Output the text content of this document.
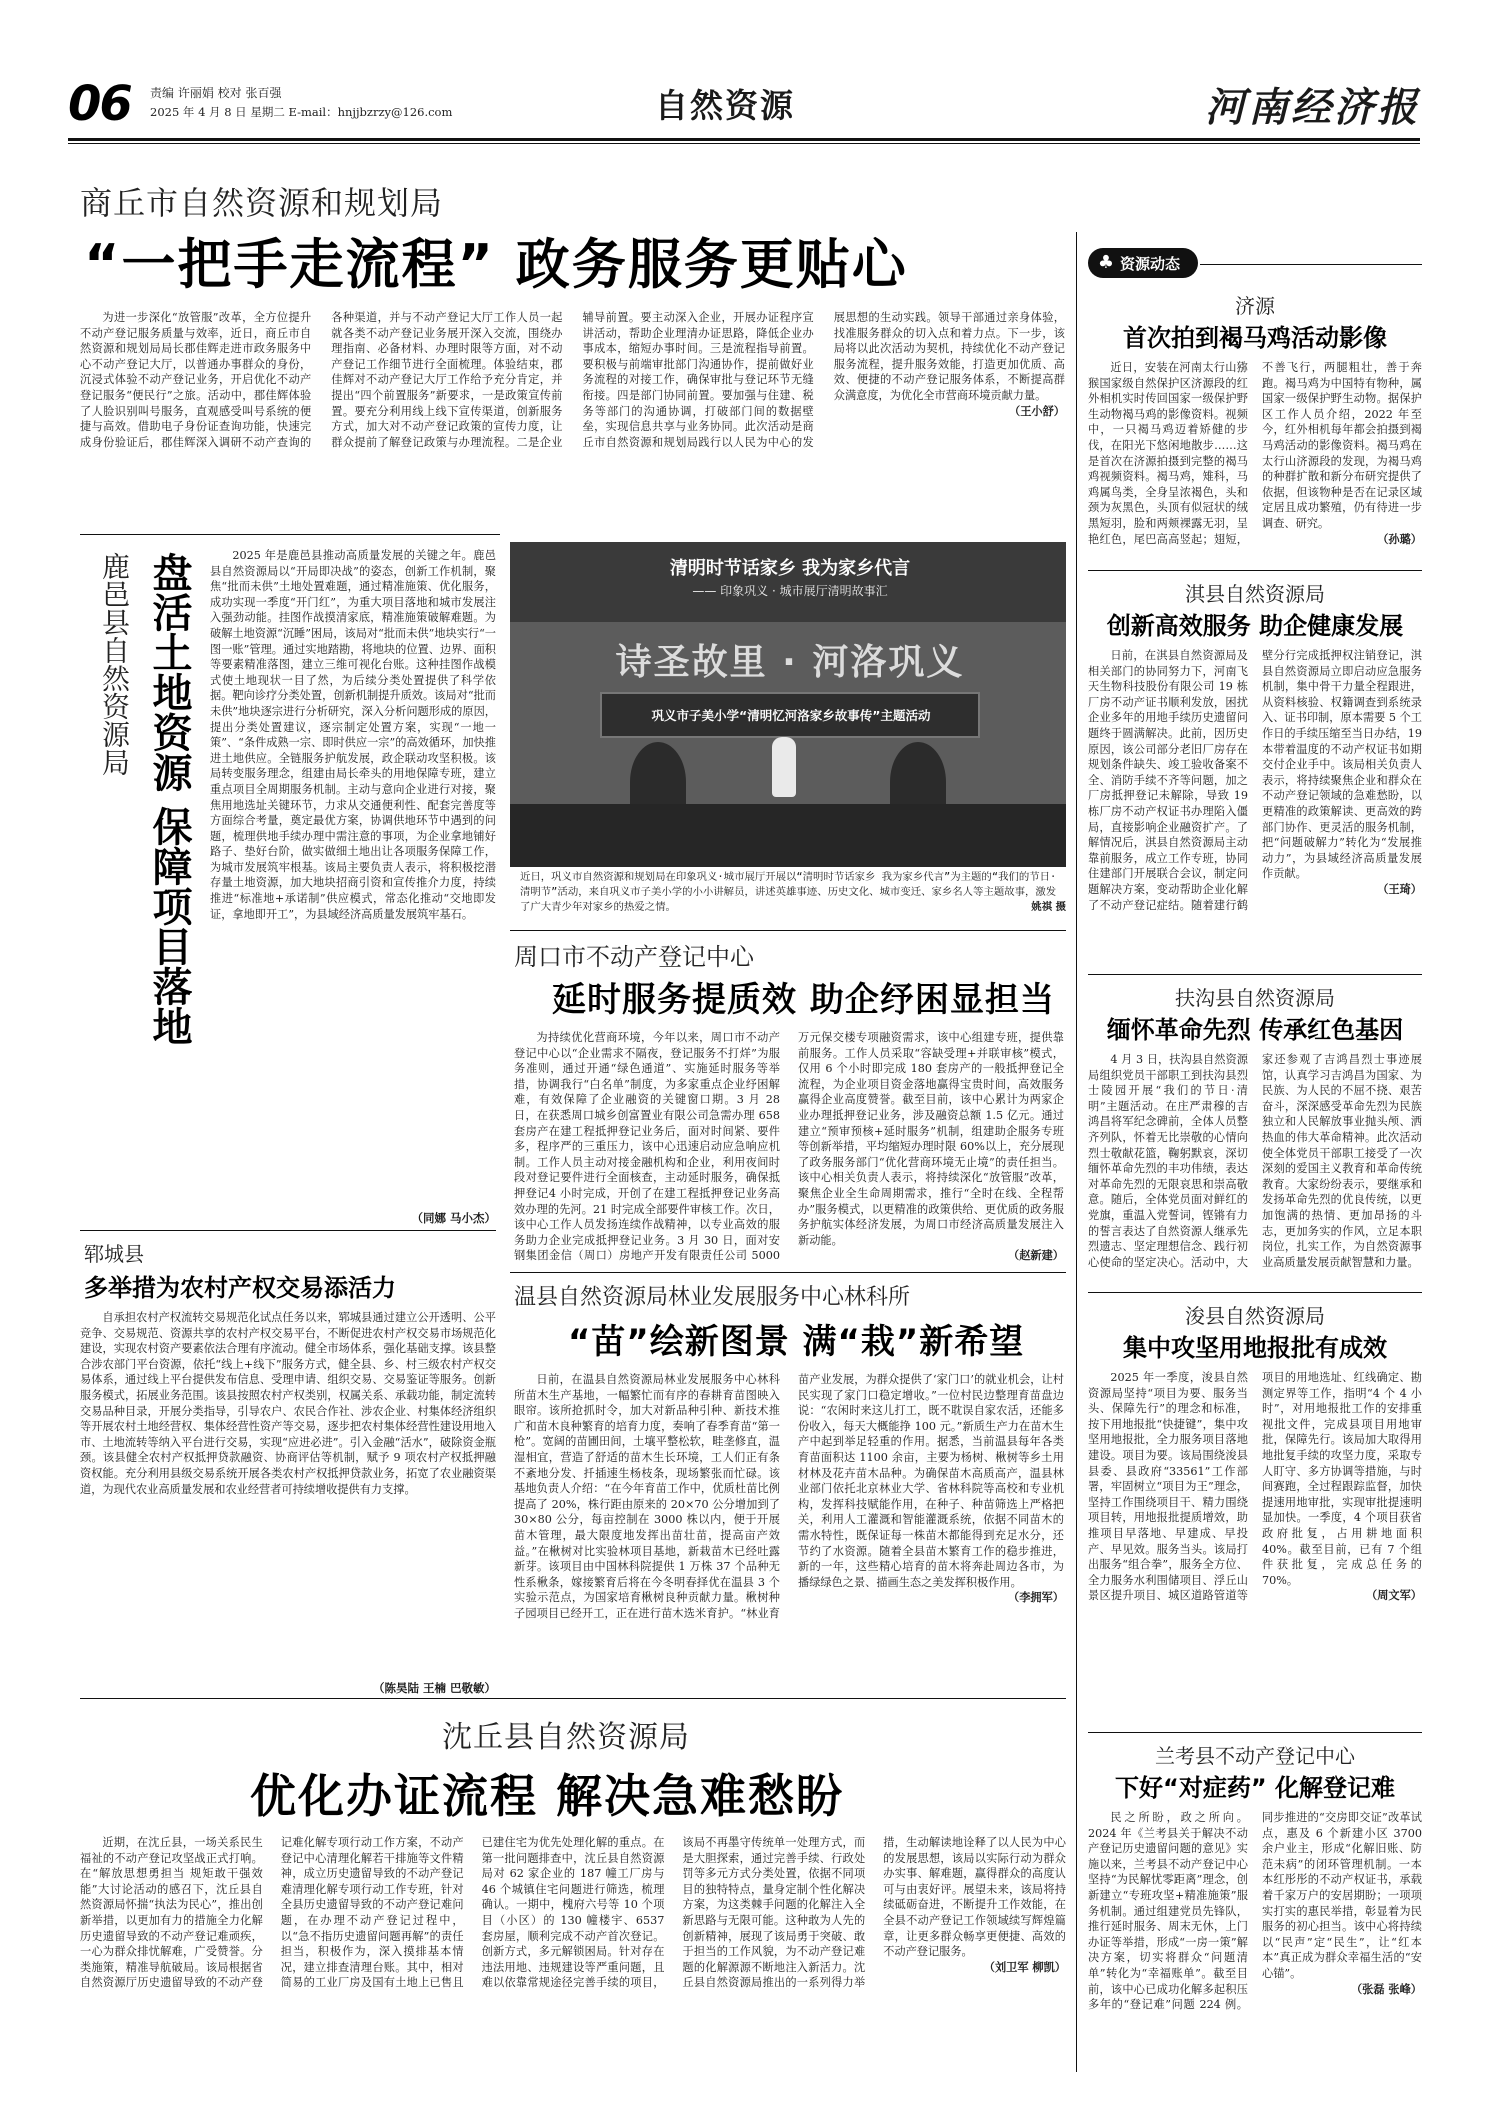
06	责编 许丽娟 校对 张百强
2025 年 4 月 8 日 星期二 E-mail：hnjjbzrzy@126.com	自然资源	河南经济报
商丘市自然资源和规划局
“一把手走流程” 政务服务更贴心

为进一步深化“放管服”改革，全方位提升不动产登记服务质量与效率，近日，商丘市自然资源和规划局局长郡佳辉走进市政务服务中心不动产登记大厅，以普通办事群众的身份，沉浸式体验不动产登记业务，开启优化不动产登记服务“便民行”之旅。活动中，郡佳辉体验了人脸识别叫号服务，直观感受叫号系统的便捷与高效。借助电子身份证查询功能，快速完成身份验证后，郡佳辉深入调研不动产查询的各种渠道，并与不动产登记大厅工作人员一起就各类不动产登记业务展开深入交流，围绕办理指南、必备材料、办理时限等方面，对不动产登记工作细节进行全面梳理。体验结束，郡佳辉对不动产登记大厅工作给予充分肯定，并提出“四个前置服务”新要求，一是政策宣传前置。要充分利用线上线下宣传渠道，创新服务方式，加大对不动产登记政策的宣传力度，让群众提前了解登记政策与办理流程。二是企业辅导前置。要主动深入企业，开展办证程序宣讲活动，帮助企业理清办证思路，降低企业办事成本，缩短办事时间。三是流程指导前置。要积极与前端审批部门沟通协作，提前做好业务流程的对接工作，确保审批与登记环节无缝衔接。四是部门协同前置。要加强与住建、税务等部门的沟通协调，打破部门间的数据壁垒，实现信息共享与业务协同。此次活动是商丘市自然资源和规划局践行以人民为中心的发展思想的生动实践。领导干部通过亲身体验，找准服务群众的切入点和着力点。下一步，该局将以此次活动为契机，持续优化不动产登记服务流程，提升服务效能，打造更加优质、高效、便捷的不动产登记服务体系，不断提高群众满意度，为优化全市营商环境贡献力量。

（王小舒）
鹿邑县自然资源局 盘活土地资源 保障项目落地	2025 年是鹿邑县推动高质量发展的关键之年。鹿邑县自然资源局以“开局即决战”的姿态，创新工作机制，聚焦“批而未供”土地处置难题，通过精准施策、优化服务，成功实现一季度“开门红”，为重大项目落地和城市发展注入强劲动能。挂图作战摸清家底，精准施策破解难题。为破解土地资源“沉睡”困局，该局对“批而未供”地块实行“一图一账”管理。通过实地踏勘，将地块的位置、边界、面积等要素精准落图，建立三维可视化台账。这种挂图作战模式使土地现状一目了然，为后续分类处置提供了科学依据。靶向诊疗分类处置，创新机制提升质效。该局对“批而未供”地块逐宗进行分析研究，深入分析问题形成的原因，提出分类处置建议，逐宗制定处置方案，实现“一地一策”、“条件成熟一宗、即时供应一宗”的高效循环，加快推进土地供应。全链服务护航发展，政企联动攻坚积极。该局转变服务理念，组建由局长牵头的用地保障专班，建立重点项目全周期服务机制。主动与意向企业进行对接，聚焦用地选址关键环节，力求从交通便利性、配套完善度等方面综合考量，奠定最优方案，协调供地环节中遇到的问题，梳理供地手续办理中需注意的事项，为企业拿地铺好路子、垫好台阶，做实做细土地出让各项服务保障工作，为城市发展筑牢根基。该局主要负责人表示，将积极挖潜存量土地资源，加大地块招商引资和宣传推介力度，持续推进“标准地+承诺制”供应模式，常态化推动“交地即发证，拿地即开工”，为县域经济高质量发展筑牢基石。

（同娜 马小杰）
清明时节话家乡 我为家乡代言
—— 印象巩义 · 城市展厅清明故事汇
诗圣故里 · 河洛巩义
巩义市子美小学“清明忆河洛家乡故事传”主题活动
近日，巩义市自然资源和规划局在印象巩义·城市展厅开展以“清明时节话家乡 我为家乡代言”为主题的“我们的节日·清明节”活动，来自巩义市子美小学的小小讲解员，讲述英雄事迹、历史文化、城市变迁、家乡名人等主题故事，激发了广大青少年对家乡的热爱之情。	姚祺 摄
周口市不动产登记中心
延时服务提质效 助企纾困显担当

为持续优化营商环境，今年以来，周口市不动产登记中心以“企业需求不隔夜，登记服务不打烊”为服务准则，通过开通“绿色通道”、实施延时服务等举措，协调我行“白名单”制度，为多家重点企业纾困解难，有效保障了企业融资的关键窗口期。3 月 28 日，在获悉周口城乡创富置业有限公司急需办理 658 套房产在建工程抵押登记业务后，面对时间紧、要件多，程序严的三重压力，该中心迅速启动应急响应机制。工作人员主动对接金融机构和企业，利用夜间时段对登记要件进行全面核查，主动延时服务，确保抵押登记4 小时完成，开创了在建工程抵押登记业务高效办理的先河。21 时完成全部要件审核工作。次日，该中心工作人员发扬连续作战精神，以专业高效的服务助力企业完成抵押登记业务。3 月 30 日，面对安钢集团金信（周口）房地产开发有限责任公司 5000 万元保交楼专项融资需求，该中心组建专班，提供靠前服务。工作人员采取“容缺受理+并联审核”模式，仅用 6 个小时即完成 180 套房产的一般抵押登记全流程，为企业项目资金落地赢得宝贵时间，高效服务赢得企业高度赞誉。截至目前，该中心累计为两家企业办理抵押登记业务，涉及融资总额 1.5 亿元。通过建立“预审预核+延时服务”机制，组建助企服务专班等创新举措，平均缩短办理时限 60%以上，充分展现了政务服务部门“优化营商环境无止境”的责任担当。该中心相关负责人表示，将持续深化“放管服”改革，聚焦企业全生命周期需求，推行“全时在线、全程帮办”服务模式，以更精准的政策供给、更优质的政务服务护航实体经济发展，为周口市经济高质量发展注入新动能。

（赵新建）
郓城县
多举措为农村产权交易添活力

自承担农村产权流转交易规范化试点任务以来，郓城县通过建立公开透明、公平竞争、交易规范、资源共享的农村产权交易平台，不断促进农村产权交易市场规范化建设，实现农村资产要素依法合理有序流动。健全市场体系，强化基础支撑。该县整合涉农部门平台资源，依托“线上+线下”服务方式，健全县、乡、村三级农村产权交易体系，通过线上平台提供发布信息、受理申请、组织交易、交易鉴证等服务。创新服务模式，拓展业务范围。该县按照农村产权类别，权属关系、承载功能，制定流转交易品种目录，开展分类指导，引导农户、农民合作社、涉农企业、村集体经济组织等开展农村土地经营权、集体经营性资产等交易，逐步把农村集体经营性建设用地入市、土地流转等纳入平台进行交易，实现“应进必进”。引入金融“活水”，破除资金瓶颈。该县健全农村产权抵押贷款融资、协商评估等机制，赋予 9 项农村产权抵押融资权能。充分利用县级交易系统开展各类农村产权抵押贷款业务，拓宽了农业融资渠道，为现代农业高质量发展和农业经营者可持续增收提供有力支撑。

（陈昊陆 王楠 巴敬敏）
温县自然资源局林业发展服务中心林科所
“苗”绘新图景 满“栽”新希望

日前，在温县自然资源局林业发展服务中心林科所苗木生产基地，一幅繁忙而有序的春耕育苗图映入眼帘。该所抢抓时令，加大对新品种引种、新技术推广和苗木良种繁育的培育力度，奏响了春季育苗“第一枪”。宽阔的苗圃田间，土壤平整松软，畦垄修直，温湿相宜，营造了舒适的苗木生长环境，工人们正有条不紊地分发、扦插速生杨枝条，现场繁张而忙碌。该基地负责人介绍：“在今年育苗工作中，优质杜苗比例提高了 20%，株行距由原来的 20×70 公分增加到了 30×80 公分，每亩控制在 3000 株以内，便于开展苗木管理，最大限度地发挥出苗壮苗，提高亩产效益。”在楸树对比实验林项目基地，新栽苗木已经吐露新芽。该项目由中国林科院提供 1 万株 37 个品种无性系楸条，嫁接繁育后将在今冬明春择优在温县 3 个实验示范点，为国家培育楸树良种贡献力量。楸树种子园项目已经开工，正在进行苗木选米育护。“林业育苗产业发展，为群众提供了‘家门口’的就业机会，让村民实现了家门口稳定增收。”一位村民边整理育苗盘边说：“农闲时来这儿打工，既不耽误自家农活，还能多份收入，每天大概能挣 100 元。”新质生产力在苗木生产中起到举足轻重的作用。据悉，当前温县每年各类育苗面积达 1100 余亩，主要为杨树、楸树等乡土用材林及花卉苗木品种。为确保苗木高质高产，温县林业部门依托北京林业大学、省林科院等高校和专业机构，发挥科技赋能作用，在种子、种苗筛选上严格把关，利用人工灌溉和智能灌溉系统，依据不同苗木的需水特性，既保证每一株苗木都能得到充足水分，还节约了水资源。随着全县苗木繁育工作的稳步推进，新的一年，这些精心培育的苗木将奔赴周边各市，为播绿绿色之景、描画生态之美发挥积极作用。

（李拥军）
沈丘县自然资源局
优化办证流程 解决急难愁盼

近期，在沈丘县，一场关系民生福祉的不动产登记攻坚战正式打响。在“解放思想勇担当 规矩敢干强效能”大讨论活动的感召下，沈丘县自然资源局怀揣“执法为民心”，推出创新举措，以更加有力的措施全力化解历史遗留导致的不动产登记难顽疾，一心为群众排忧解难，广受赞誉。分类施策，精准导航破局。该局根据省自然资源厅历史遗留导致的不动产登记难化解专项行动工作方案，不动产登记中心清理化解若干排施等文件精神，成立历史遗留导致的不动产登记难清理化解专项行动工作专班，针对全县历史遗留导致的不动产登记难问题，在办理不动产登记过程中，以“急不指历史遗留问题再解”的责任担当，积极作为，深入摸排基本情况，建立排查清理台账。其中，相对简易的工业厂房及国有土地上已售且已建住宅为优先处理化解的重点。在第一批问题排查中，沈丘县自然资源局对 62 家企业的 187 幢工厂房与 46 个城镇住宅问题进行筛选，梳理确认。一期中，槐府六号等 10 个项目（小区）的 130 幢楼宇、6537 套房屋，顺利完成不动产首次登记。创新方式，多元解锁困局。针对存在违法用地、违规建设等严重问题，且难以依靠常规途径完善手续的项目，该局不再墨守传统单一处理方式，而是大胆探索，通过完善手续、行政处罚等多元方式分类处置，依据不同项目的独特特点，量身定制个性化解决方案，为这类棘手问题的化解注入全新思路与无限可能。这种敢为人先的创新精神，展现了该局勇于突破、敢于担当的工作风貌，为不动产登记难题的化解源源不断地注入新活力。沈丘县自然资源局推出的一系列得力举措，生动解读地诠释了以人民为中心的发展思想，该局以实际行动为群众办实事、解难题，赢得群众的高度认可与由衷好评。展望未来，该局将持续砥砺奋进，不断提升工作效能，在全县不动产登记工作领域续写辉煌篇章，让更多群众畅享更便捷、高效的不动产登记服务。

（刘卫军 柳凯）
♣ 资源动态
济源
首次拍到褐马鸡活动影像

近日，安装在河南太行山猕猴国家级自然保护区济源段的红外相机实时传回国家一级保护野生动物褐马鸡的影像资料。视频中，一只褐马鸡迈着矫健的步伐，在阳光下悠闲地散步……这是首次在济源拍摄到完整的褐马鸡视频资料。褐马鸡，雉科，马鸡属鸟类，全身呈浓褐色，头和颈为灰黑色，头顶有似冠状的绒黑短羽，脸和两颊裸露无羽，呈艳红色，尾巴高高竖起；翅短，不善飞行，两腿粗壮，善于奔跑。褐马鸡为中国特有物种，属国家一级保护野生动物。据保护区工作人员介绍，2022 年至今，红外相机每年都会拍摄到褐马鸡活动的影像资料。褐马鸡在太行山济源段的发现，为褐马鸡的种群扩散和新分布研究提供了依据，但该物种是否在记录区域定居且成功繁殖，仍有待进一步调查、研究。

（孙璐）
淇县自然资源局
创新高效服务 助企健康发展

日前，在淇县自然资源局及相关部门的协同努力下，河南飞天生物科技股份有限公司 19 栋厂房不动产证书顺利发放，困扰企业多年的用地手续历史遗留问题终于圆满解决。此前，因历史原因，该公司部分老旧厂房存在规划条件缺失、竣工验收备案不全、消防手续不齐等问题，加之厂房抵押登记未解除，导致 19 栋厂房不动产权证书办理陷入僵局，直接影响企业融资扩产。了解情况后，淇县自然资源局主动靠前服务，成立工作专班，协同住建部门开展联合会议，制定问题解决方案，变动帮助企业化解了不动产登记症结。随着建行鹤壁分行完成抵押权注销登记，淇县自然资源局立即启动应急服务机制，集中骨干力量全程跟进，从资料核验、权籍调查到系统录入、证书印制，原本需要 5 个工作日的手续压缩至当日办结，19 本带着温度的不动产权证书如期交付企业手中。该局相关负责人表示，将持续聚焦企业和群众在不动产登记领域的急难愁盼，以更精准的政策解读、更高效的跨部门协作、更灵活的服务机制，把“问题破解力”转化为“发展推动力”，为县域经济高质量发展作贡献。

（王琦）
扶沟县自然资源局
缅怀革命先烈 传承红色基因

4 月 3 日，扶沟县自然资源局组织党员干部职工到扶沟县烈士陵园开展“我们的节日·清明”主题活动。在庄严肃穆的吉鸿昌将军纪念碑前，全体人员整齐列队，怀着无比崇敬的心情向烈士敬献花篮，鞠躬默哀，深切缅怀革命先烈的丰功伟绩，表达对革命先烈的无限哀思和崇高敬意。随后，全体党员面对鲜红的党旗，重温入党誓词，铿锵有力的誓言表达了自然资源人继承先烈遗志、坚定理想信念、践行初心使命的坚定决心。活动中，大家还参观了吉鸿昌烈士事迹展馆，认真学习吉鸿昌为国家、为民族、为人民的不屈不挠、艰苦奋斗，深深感受革命先烈为民族独立和人民解放事业抛头颅、洒热血的伟大革命精神。此次活动使全体党员干部职工接受了一次深刻的爱国主义教育和革命传统教育。大家纷纷表示，要继承和发扬革命先烈的优良传统，以更加饱满的热情、更加昂扬的斗志，更加务实的作风，立足本职岗位，扎实工作，为自然资源事业高质量发展贡献智慧和力量。

浚县自然资源局
集中攻坚用地报批有成效

2025 年一季度，浚县自然资源局坚持“项目为要、服务当头、保障先行”的理念和标准，按下用地报批“快捷键”，集中攻坚用地报批，全力服务项目落地建设。项目为要。该局围绕浚县县委、县政府“33561”工作部署，牢固树立“项目为王”理念，坚持工作围绕项目干、精力围绕项目转，用地报批提质增效，助推项目早落地、早建成、早投产、早见效。服务当头。该局打出服务“组合拳”，服务全方位、全力服务水利围储项目、浮丘山景区提升项目、城区道路管道等项目的用地选址、红线确定、勘测定界等工作，指明“4 个 4 小时”，对用地报批工作的安排重视批文件，完成县项目用地审批，保障先行。该局加大取得用地批复手续的攻坚力度，采取专人盯守、多方协调等措施，与时间赛跑，全过程跟踪监督，加快提速用地审批，实现审批提速明显加快。一季度，4 个项目获省政府批复，占用耕地面积 40%。截至目前，已有 7 个组件获批复，完成总任务的 70%。

（周文军）
兰考县不动产登记中心
下好“对症药” 化解登记难

民之所盼，政之所向。2024 年《兰考县关于解决不动产登记历史遗留问题的意见》实施以来，兰考县不动产登记中心坚持“为民解忧零距离”理念，创新建立“专班攻坚+精准施策”服务机制。通过组建党员先锋队，推行延时服务、周末无休，上门办证等举措，形成“一房一策”解决方案，切实将群众“问题清单”转化为“幸福账单”。截至目前，该中心已成功化解多起积压多年的“登记难”问题 224 例。同步推进的“交房即交证”改革试点，惠及 6 个新建小区 3700 余户业主，形成“化解旧账、防范未病”的闭环管理机制。一本本红彤彤的不动产权证书，承载着千家万户的安居期盼；一项项实打实的惠民举措，彰显着为民服务的初心担当。该中心将持续以“民声”定“民生”，让“红本本”真正成为群众幸福生活的“安心锚”。

（张磊 张峰）
